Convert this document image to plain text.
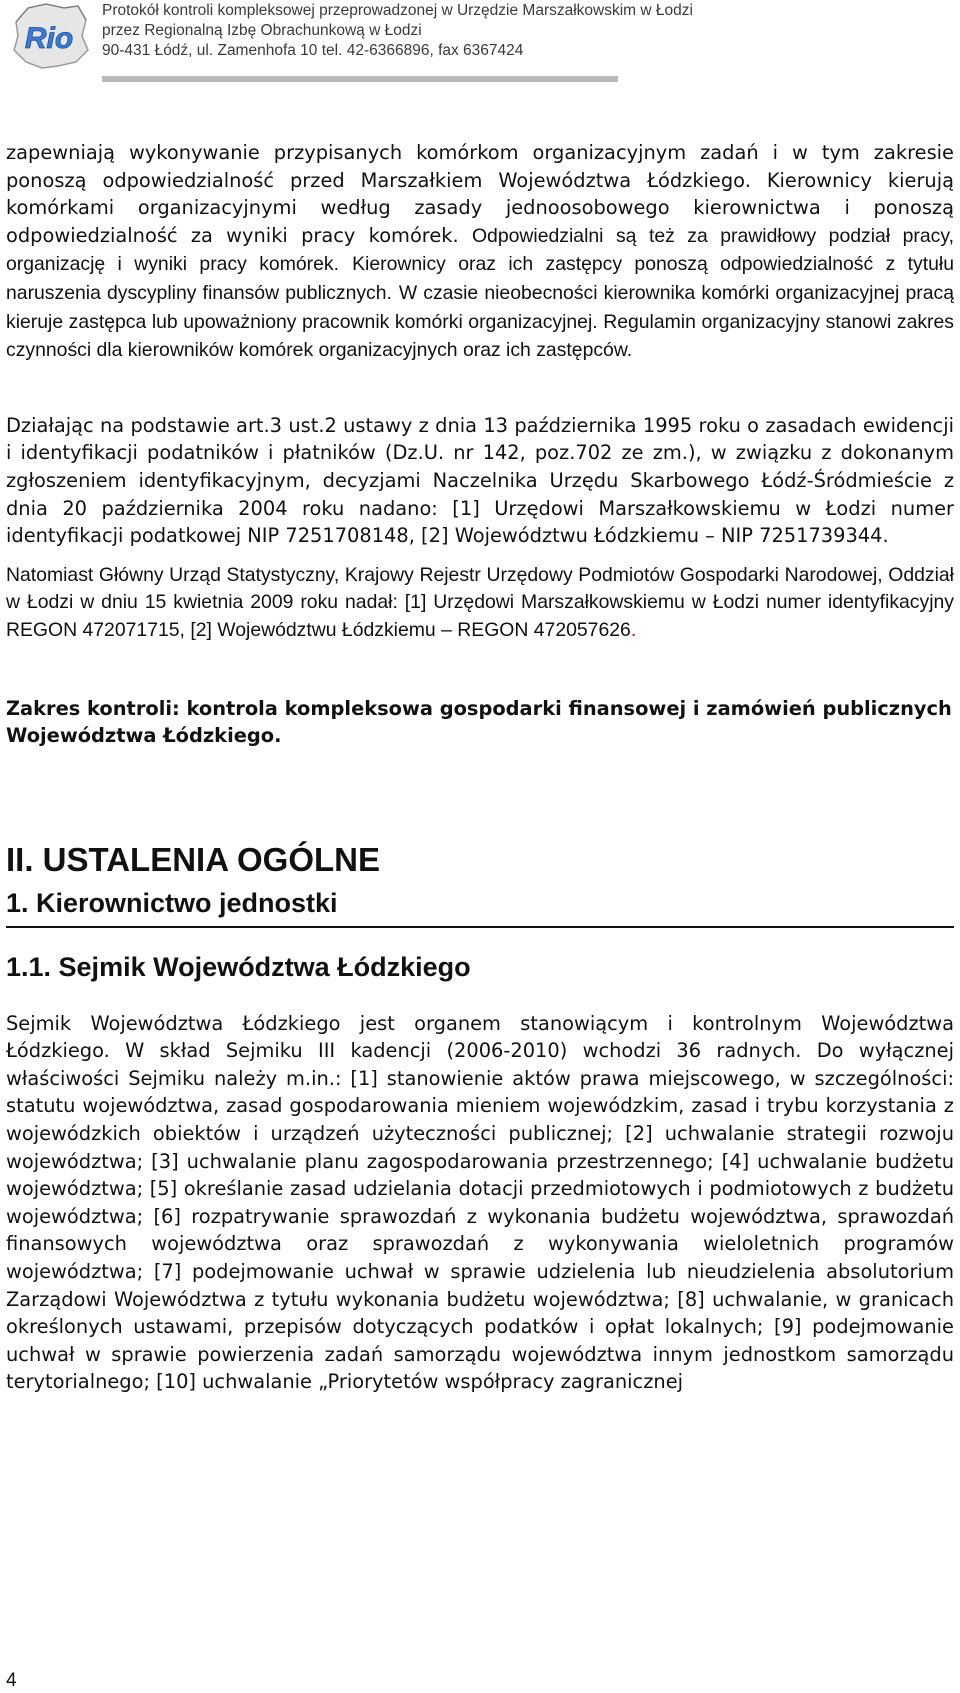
Rio
Protokół kontroli kompleksowej przeprowadzonej w Urzędzie Marszałkowskim w Łodzi
przez Regionalną Izbę Obrachunkową w Łodzi
90-431 Łódź, ul. Zamenhofa 10 tel. 42-6366896, fax 6367424

zapewniają wykonywanie przypisanych komórkom organizacyjnym zadań i w tym zakresie ponoszą odpowiedzialność przed Marszałkiem Województwa Łódzkiego. Kierownicy kierują komórkami organizacyjnymi według zasady jednoosobowego kierownictwa i ponoszą odpowiedzialność za wyniki pracy komórek. Odpowiedzialni są też za prawidłowy podział pracy, organizację i wyniki pracy komórek. Kierownicy oraz ich zastępcy ponoszą odpowiedzialność z tytułu naruszenia dyscypliny finansów publicznych. W czasie nieobecności kierownika komórki organizacyjnej pracą kieruje zastępca lub upoważniony pracownik komórki organizacyjnej. Regulamin organizacyjny stanowi zakres czynności dla kierowników komórek organizacyjnych oraz ich zastępców.

Działając na podstawie art.3 ust.2 ustawy z dnia 13 października 1995 roku o zasadach ewidencji i identyfikacji podatników i płatników (Dz.U. nr 142, poz.702 ze zm.), w związku z dokonanym zgłoszeniem identyfikacyjnym, decyzjami Naczelnika Urzędu Skarbowego Łódź-Śródmieście z dnia 20 października 2004 roku nadano: [1] Urzędowi Marszałkowskiemu w Łodzi numer identyfikacji podatkowej NIP 7251708148, [2] Województwu Łódzkiemu – NIP 7251739344.

Natomiast Główny Urząd Statystyczny, Krajowy Rejestr Urzędowy Podmiotów Gospodarki Narodowej, Oddział w Łodzi w dniu 15 kwietnia 2009 roku nadał: [1] Urzędowi Marszałkowskiemu w Łodzi numer identyfikacyjny REGON 472071715, [2] Województwu Łódzkiemu – REGON 472057626.

Zakres kontroli: kontrola kompleksowa gospodarki finansowej i zamówień publicznych Województwa Łódzkiego.

II. USTALENIA OGÓLNE
1. Kierownictwo jednostki
1.1. Sejmik Województwa Łódzkiego

Sejmik Województwa Łódzkiego jest organem stanowiącym i kontrolnym Województwa Łódzkiego. W skład Sejmiku III kadencji (2006-2010) wchodzi 36 radnych. Do wyłącznej właściwości Sejmiku należy m.in.: [1] stanowienie aktów prawa miejscowego, w szczególności: statutu województwa, zasad gospodarowania mieniem wojewódzkim, zasad i trybu korzystania z wojewódzkich obiektów i urządzeń użyteczności publicznej; [2] uchwalanie strategii rozwoju województwa; [3] uchwalanie planu zagospodarowania przestrzennego; [4] uchwalanie budżetu województwa; [5] określanie zasad udzielania dotacji przedmiotowych i podmiotowych z budżetu województwa; [6] rozpatrywanie sprawozdań z wykonania budżetu województwa, sprawozdań finansowych województwa oraz sprawozdań z wykonywania wieloletnich programów województwa; [7] podejmowanie uchwał w sprawie udzielenia lub nieudzielenia absolutorium Zarządowi Województwa z tytułu wykonania budżetu województwa; [8] uchwalanie, w granicach określonych ustawami, przepisów dotyczących podatków i opłat lokalnych; [9] podejmowanie uchwał w sprawie powierzenia zadań samorządu województwa innym jednostkom samorządu terytorialnego; [10] uchwalanie „Priorytetów współpracy zagranicznej

4
